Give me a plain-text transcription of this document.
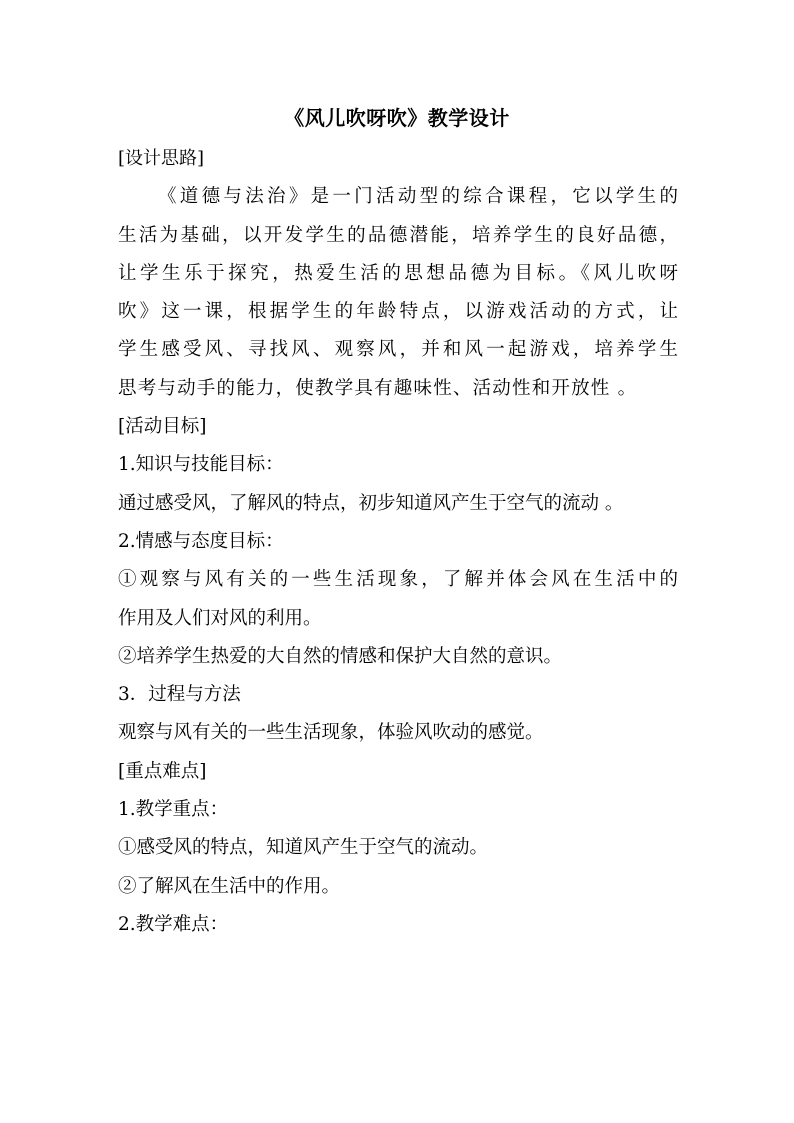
《风儿吹呀吹》教学设计
[设计思路]
《道德与法治》是一门活动型的综合课程，它以学生的
生活为基础，以开发学生的品德潜能，培养学生的良好品德，
让学生乐于探究，热爱生活的思想品德为目标。《风儿吹呀
吹》这一课，根据学生的年龄特点，以游戏活动的方式，让
学生感受风、寻找风、观察风，并和风一起游戏，培养学生
思考与动手的能力，使教学具有趣味性、活动性和开放性 。
[活动目标]
1.知识与技能目标：
通过感受风，了解风的特点，初步知道风产生于空气的流动 。
2.情感与态度目标：
①观察与风有关的一些生活现象，了解并体会风在生活中的
作用及人们对风的利用。
②培养学生热爱的大自然的情感和保护大自然的意识。
3．过程与方法
观察与风有关的一些生活现象，体验风吹动的感觉。
[重点难点]
1.教学重点：
①感受风的特点，知道风产生于空气的流动。
②了解风在生活中的作用。
2.教学难点：
